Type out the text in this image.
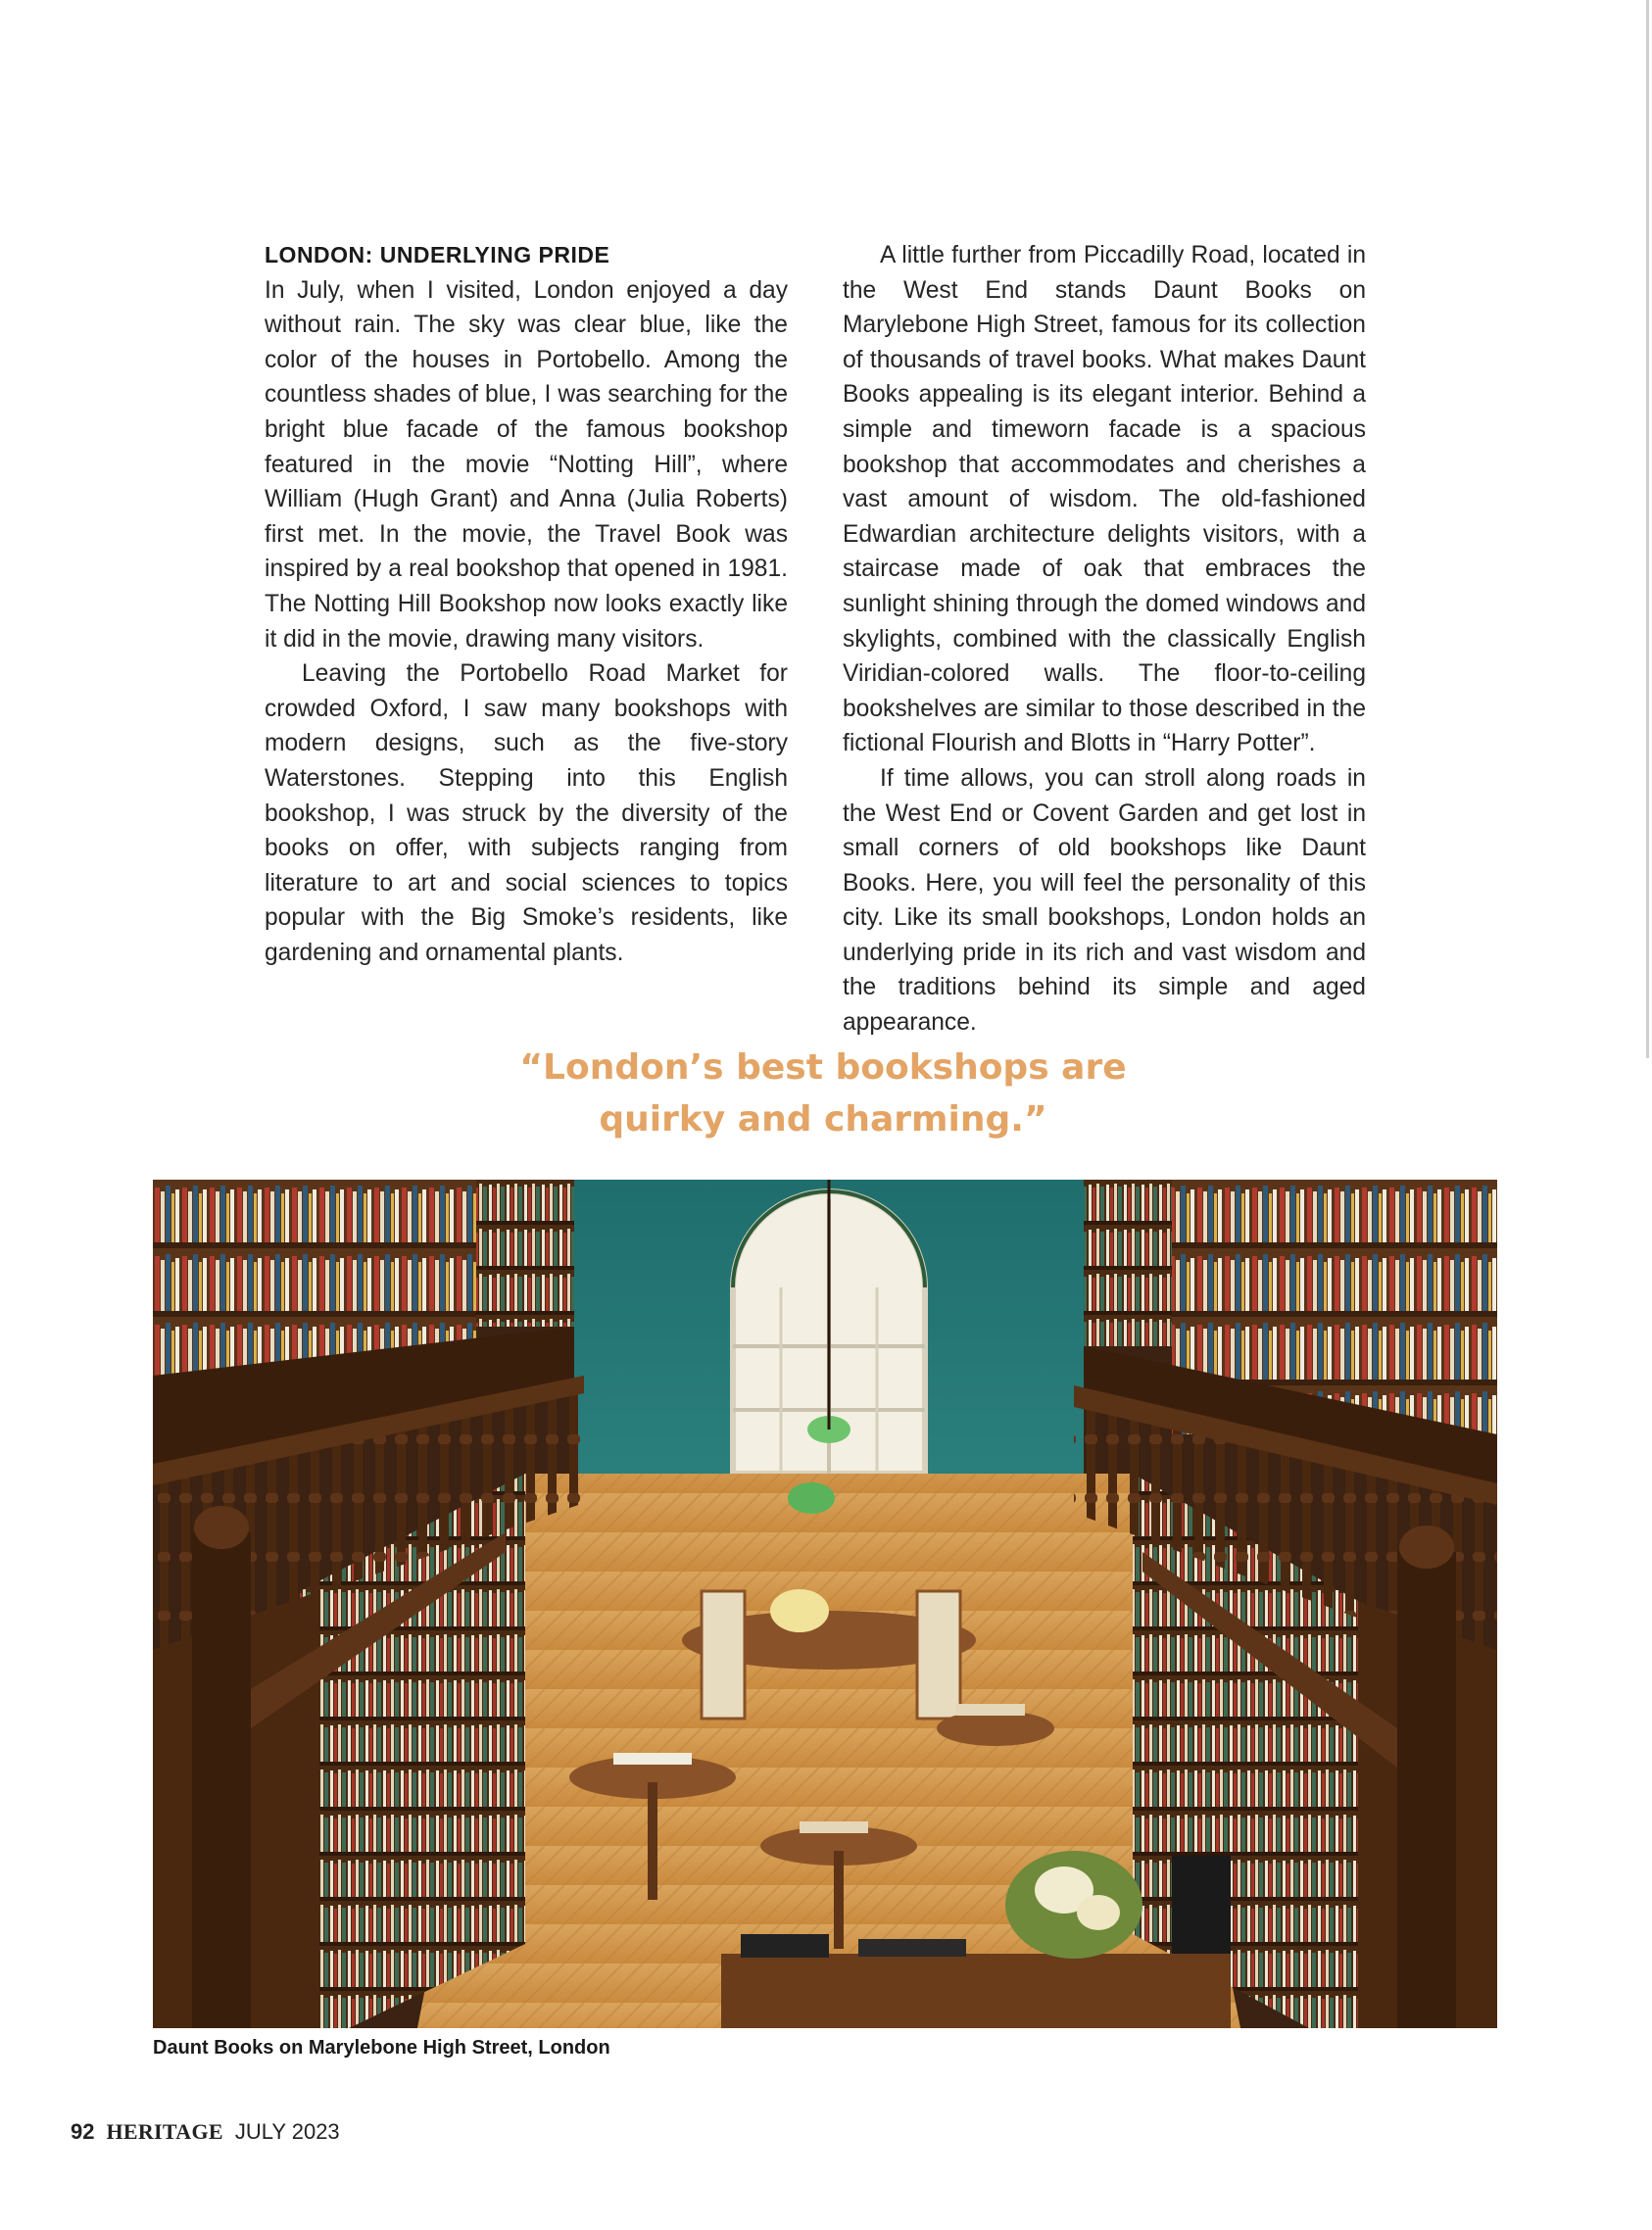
LONDON: UNDERLYING PRIDE

In July, when I visited, London enjoyed a day without rain. The sky was clear blue, like the color of the houses in Portobello. Among the countless shades of blue, I was searching for the bright blue facade of the famous bookshop featured in the movie “Notting Hill”, where William (Hugh Grant) and Anna (Julia Roberts) first met. In the movie, the Travel Book was inspired by a real bookshop that opened in 1981. The Notting Hill Bookshop now looks exactly like it did in the movie, drawing many visitors.

Leaving the Portobello Road Market for crowded Oxford, I saw many bookshops with modern designs, such as the five-story Waterstones. Stepping into this English bookshop, I was struck by the diversity of the books on offer, with subjects ranging from literature to art and social sciences to topics popular with the Big Smoke’s residents, like gardening and ornamental plants.

A little further from Piccadilly Road, located in the West End stands Daunt Books on Marylebone High Street, famous for its collection of thousands of travel books. What makes Daunt Books appealing is its elegant interior. Behind a simple and timeworn facade is a spacious bookshop that accommodates and cherishes a vast amount of wisdom. The old-fashioned Edwardian architecture delights visitors, with a staircase made of oak that embraces the sunlight shining through the domed windows and skylights, combined with the classically English Viridian-colored walls. The floor-to-ceiling bookshelves are similar to those described in the fictional Flourish and Blotts in “Harry Potter”.

If time allows, you can stroll along roads in the West End or Covent Garden and get lost in small corners of old bookshops like Daunt Books. Here, you will feel the personality of this city. Like its small bookshops, London holds an underlying pride in its rich and vast wisdom and the traditions behind its simple and aged appearance.

“London’s best bookshops are
quirky and charming.”
Daunt Books on Marylebone High Street, London
92 HERITAGE JULY 2023
